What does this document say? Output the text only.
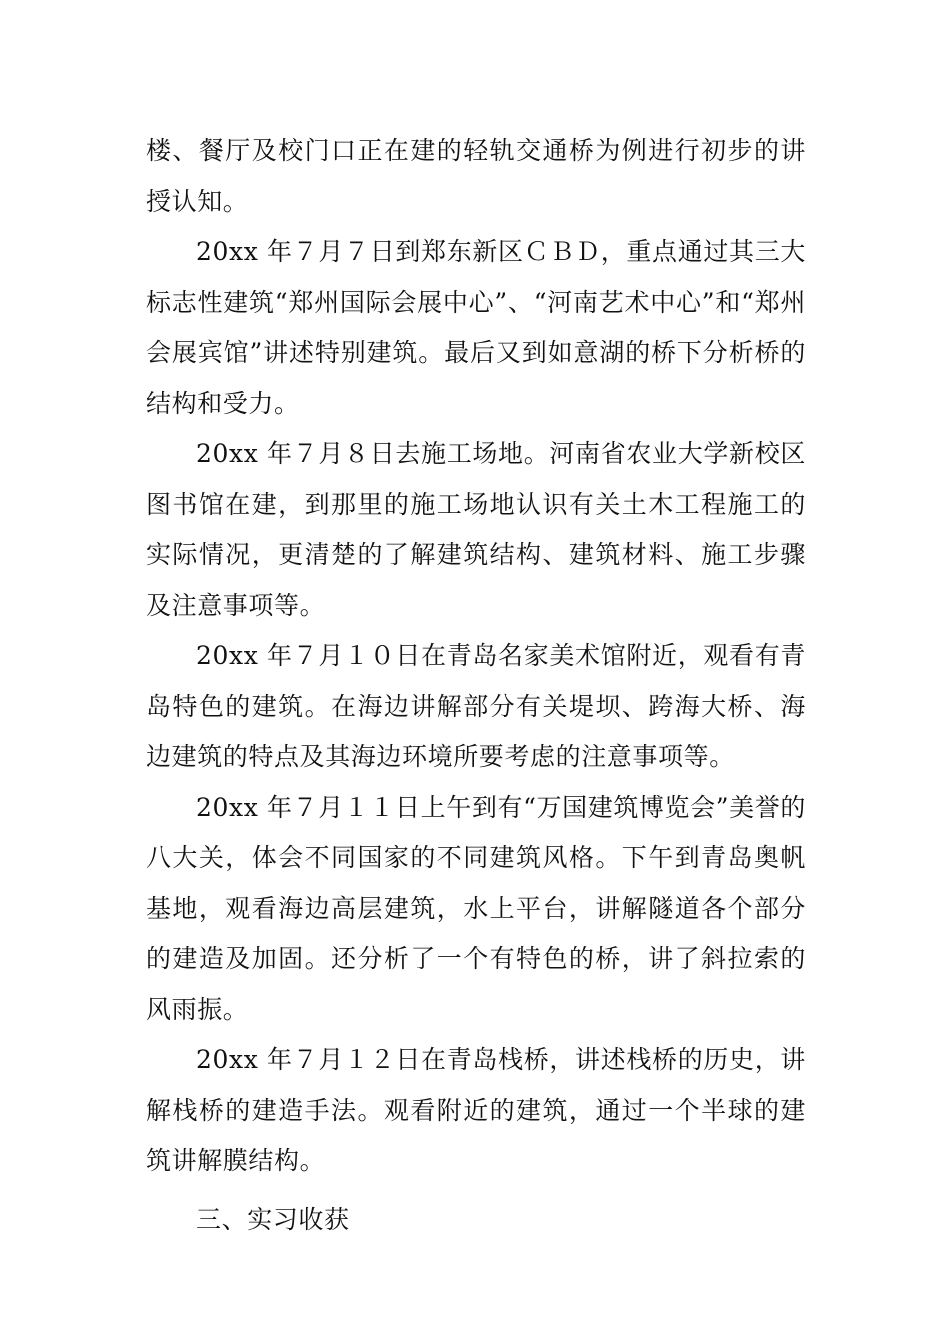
楼、餐厅及校门口正在建的轻轨交通桥为例进行初步的讲授认知。

20xx 年７月７日到郑东新区ＣＢＤ，重点通过其三大标志性建筑“郑州国际会展中心”、“河南艺术中心”和“郑州会展宾馆”讲述特别建筑。最后又到如意湖的桥下分析桥的结构和受力。

20xx 年７月８日去施工场地。河南省农业大学新校区图书馆在建，到那里的施工场地认识有关土木工程施工的实际情况，更清楚的了解建筑结构、建筑材料、施工步骤及注意事项等。

20xx 年７月１０日在青岛名家美术馆附近，观看有青岛特色的建筑。在海边讲解部分有关堤坝、跨海大桥、海边建筑的特点及其海边环境所要考虑的注意事项等。

20xx 年７月１１日上午到有“万国建筑博览会”美誉的八大关，体会不同国家的不同建筑风格。下午到青岛奥帆基地，观看海边高层建筑，水上平台，讲解隧道各个部分的建造及加固。还分析了一个有特色的桥，讲了斜拉索的风雨振。

20xx 年７月１２日在青岛栈桥，讲述栈桥的历史，讲解栈桥的建造手法。观看附近的建筑，通过一个半球的建筑讲解膜结构。

三、实习收获
